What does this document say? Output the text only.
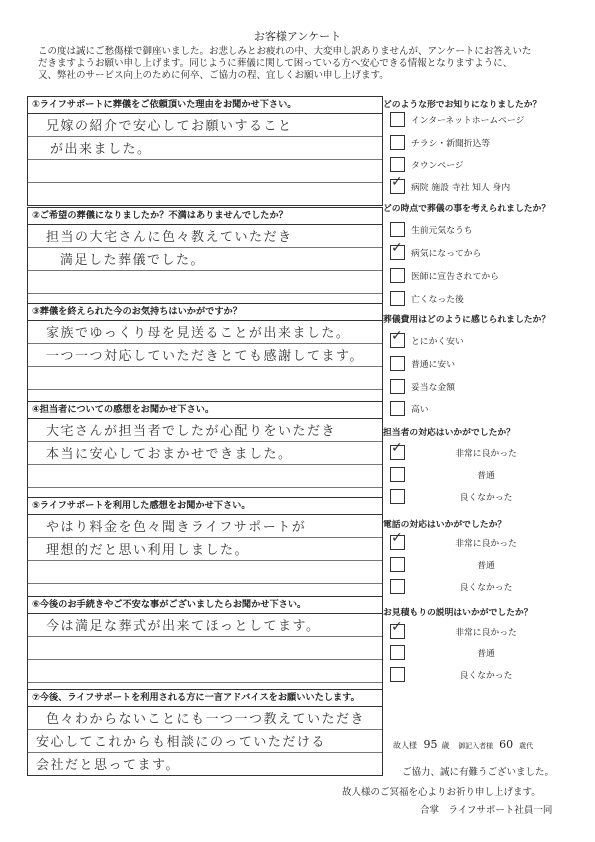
お客様アンケート
この度は誠にご愁傷様で御座いました。お悲しみとお疲れの中、大変申し訳ありませんが、アンケートにお答えいた
だきますようお願い申し上げます。同じように葬儀に関して困っている方へ安心できる情報となりますように、
又、弊社のサービス向上のために何卒、ご協力の程、宜しくお願い申し上げます。
①ライフサポートに葬儀をご依頼頂いた理由をお聞かせ下さい。
兄嫁の紹介で安心してお願いすること
が出来ました。
②ご希望の葬儀になりましたか？不満はありませんでしたか？
担当の大宅さんに色々教えていただき
満足した葬儀でした。
③葬儀を終えられた今のお気持ちはいかがですか？
家族でゆっくり母を見送ることが出来ました。
一つ一つ対応していただきとても感謝してます。
④担当者についての感想をお聞かせ下さい。
大宅さんが担当者でしたが心配りをいただき
本当に安心しておまかせできました。
⑤ライフサポートを利用した感想をお聞かせ下さい。
やはり料金を色々聞きライフサポートが
理想的だと思い利用しました。
⑥今後のお手続きやご不安な事がございましたらお聞かせ下さい。
今は満足な葬式が出来てほっとしてます。
⑦今後、ライフサポートを利用される方に一言アドバイスをお願いいたします。
色々わからないことにも一つ一つ教えていただき
安心してこれからも相談にのっていただける
会社だと思ってます。
どのような形でお知りになりましたか？
インターネットホームページ
チラシ・新聞折込等
タウンページ
✓ 病院 施設 寺社 知人 身内
どの時点で葬儀の事を考えられましたか？
生前元気なうち
✓ 病気になってから
医師に宣告されてから
亡くなった後
葬儀費用はどのように感じられましたか？
✓ とにかく安い
普通に安い
妥当な金額
高い
担当者の対応はいかがでしたか？
✓	非常に良かった
普通
良くなかった
電話の対応はいかがでしたか？
✓	非常に良かった
普通
良くなかった
お見積もりの説明はいかがでしたか？
✓	非常に良かった
普通
良くなかった
故人様 95 歳 御記入者様 60 歳代
ご協力、誠に有難うございました。
故人様のご冥福を心よりお祈り申し上げます。
合掌　ライフサポート社員一同
